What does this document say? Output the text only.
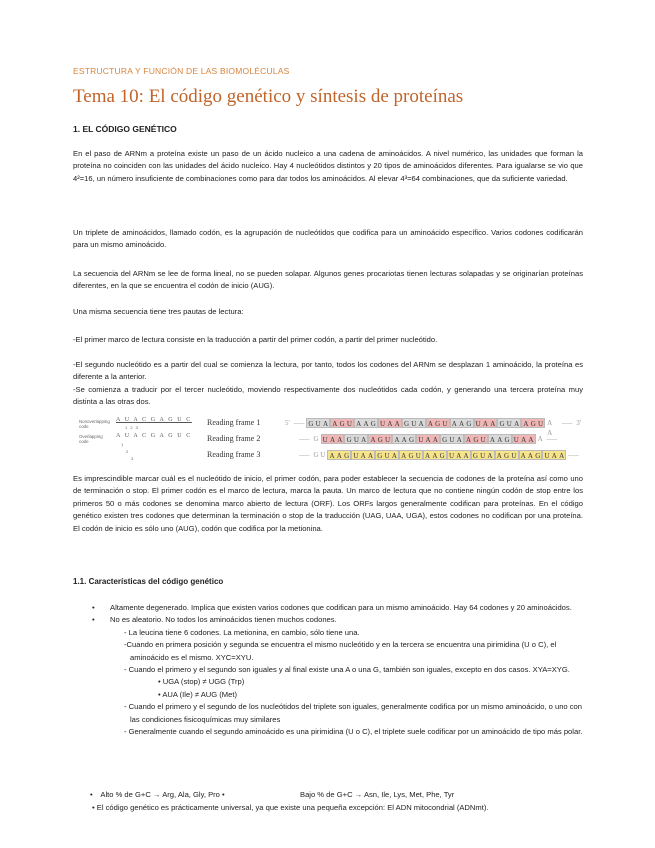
ESTRUCTURA Y FUNCIÓN DE LAS BIOMOLÉCULAS
Tema 10: El código genético y síntesis de proteínas
1. EL CÓDIGO GENÉTICO

En el paso de ARNm a proteína existe un paso de un ácido nucleico a una cadena de aminoácidos. A nivel numérico, las unidades que forman la proteína no coinciden con las unidades del ácido nucleico. Hay 4 nucleótidos distintos y 20 tipos de aminoácidos diferentes. Para igualarse se vio que 4²=16, un número insuficiente de combinaciones como para dar todos los aminoácidos. Al elevar 4³=64 combinaciones, que da suficiente variedad.

Un triplete de aminoácidos, llamado codón, es la agrupación de nucleótidos que codifica para un aminoácido específico. Varios codones codificarán para un mismo aminoácido.

La secuencia del ARNm se lee de forma lineal, no se pueden solapar. Algunos genes procariotas tienen lecturas solapadas y se originarían proteínas diferentes, en la que se encuentra el codón de inicio (AUG).

Una misma secuencia tiene tres pautas de lectura:

-El primer marco de lectura consiste en la traducción a partir del primer codón, a partir del primer nucleótido.

-El segundo nucleótido es a partir del cual se comienza la lectura, por tanto, todos los codones del ARNm se desplazan 1 aminoácido, la proteína es diferente a la anterior.

-Se comienza a traducir por el tercer nucleótido, moviendo respectivamente dos nucleótidos cada codón, y generando una tercera proteína muy distinta a las otras dos.

Nonoverlapping code
A U A C G A G U C
1 2 3
Overlapping code
A U A C G A G U C
1
2
3
Reading frame 1
Reading frame 2
Reading frame 3
5' ––– G U A A G U A A G U A A G U A A G U A A G U A A G U A A G U A A
––– 3'
––– G U A A G U A A G U A A G U A A G U A A G U A A G U A A A –––
––– G U A A G U A A G U A A G U A A G U A A G U A A G U A A G U A A –––

Es imprescindible marcar cuál es el nucleótido de inicio, el primer codón, para poder establecer la secuencia de codones de la proteína así como uno de terminación o stop. El primer codón es el marco de lectura, marca la pauta. Un marco de lectura que no contiene ningún codón de stop entre los primeros 50 o más codones se denomina marco abierto de lectura (ORF). Los ORFs largos generalmente codifican para proteínas. En el código genético existen tres codones que determinan la terminación o stop de la traducción (UAG, UAA, UGA), estos codones no codifican por una proteína. El codón de inicio es sólo uno (AUG), codón que codifica por la metionina.

1.1. Características del código genético
• Altamente degenerado. Implica que existen varios codones que codifican para un mismo aminoácido. Hay 64 codones y 20 aminoácidos.
• No es aleatorio. No todos los aminoácidos tienen muchos codones.
- La leucina tiene 6 codones. La metionina, en cambio, sólo tiene una.
-Cuando en primera posición y segunda se encuentra el mismo nucleótido y en la tercera se encuentra una pirimidina (U o C), el aminoácido es el mismo. XYC=XYU.
- Cuando el primero y el segundo son iguales y al final existe una A o una G, también son iguales, excepto en dos casos. XYA=XYG.
• UGA (stop) ≠ UGG (Trp)
• AUA (Ile) ≠ AUG (Met)
- Cuando el primero y el segundo de los nucleótidos del triplete son iguales, generalmente codifica por un mismo aminoácido, o uno con las condiciones fisicoquímicas muy similares
- Generalmente cuando el segundo aminoácido es una pirimidina (U o C), el triplete suele codificar por un aminoácido de tipo más polar.
• Alto % de G+C → Arg, Ala, Gly, Pro •	Bajo % de G+C → Asn, Ile, Lys, Met, Phe, Tyr
• El código genético es prácticamente universal, ya que existe una pequeña excepción: El ADN mitocondrial (ADNmt).
